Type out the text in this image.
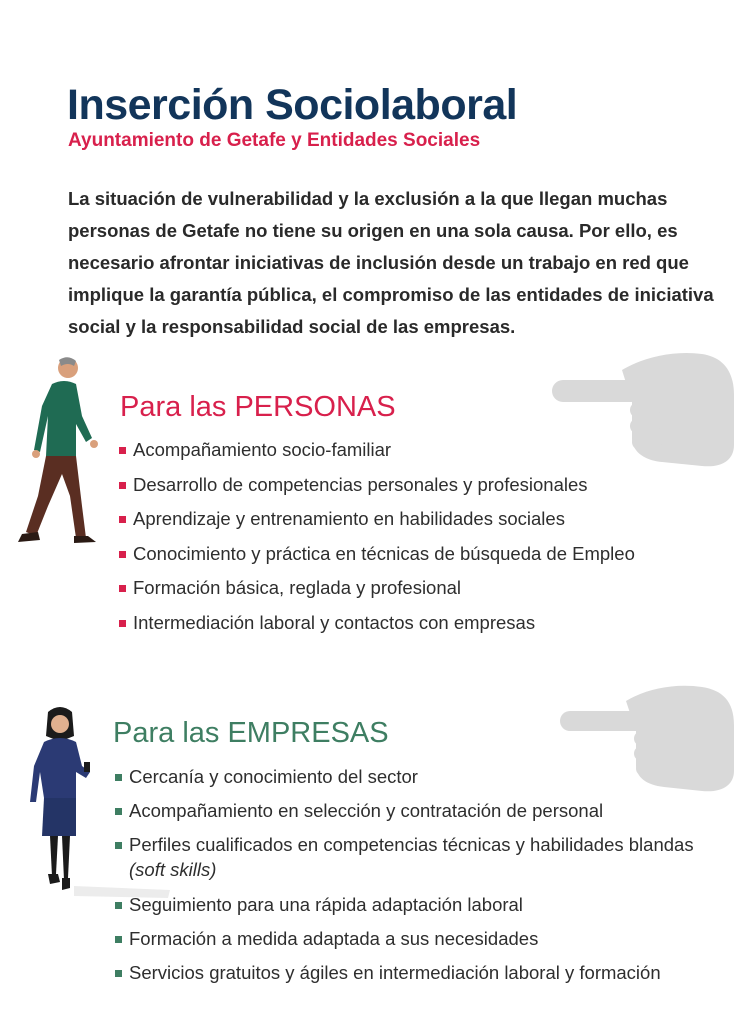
Inserción Sociolaboral
Ayuntamiento de Getafe y Entidades Sociales

La situación de vulnerabilidad y la exclusión a la que llegan muchas personas de Getafe no tiene su origen en una sola causa. Por ello, es necesario afrontar iniciativas de inclusión desde un trabajo en red que implique la garantía pública, el compromiso de las entidades de iniciativa social y la responsabilidad social de las empresas.

Para las PERSONAS
Acompañamiento socio-familiar
Desarrollo de competencias personales y profesionales
Aprendizaje y entrenamiento en habilidades sociales
Conocimiento y práctica en técnicas de búsqueda de Empleo
Formación básica, reglada y profesional
Intermediación laboral y contactos con empresas
Para las EMPRESAS
Cercanía y conocimiento del sector
Acompañamiento en selección y contratación de personal
Perfiles cualificados en competencias técnicas y habilidades blandas (soft skills)
Seguimiento para una rápida adaptación laboral
Formación a medida adaptada a sus necesidades
Servicios gratuitos y ágiles en intermediación laboral y formación
